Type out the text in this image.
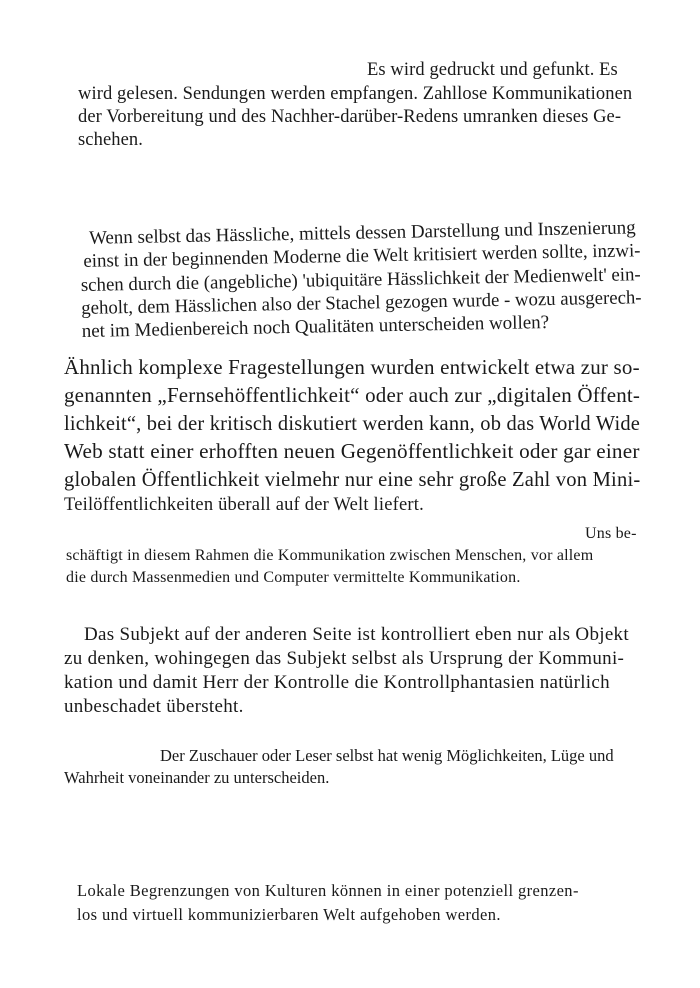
Es wird gedruckt und gefunkt. Es
wird gelesen. Sendungen werden empfangen. Zahllose Kommunikationen
der Vorbereitung und des Nachher-darüber-Redens umranken dieses Ge-
schehen.
Wenn selbst das Hässliche, mittels dessen Darstellung und Inszenierung
einst in der beginnenden Moderne die Welt kritisiert werden sollte, inzwi-
schen durch die (angebliche) 'ubiquitäre Hässlichkeit der Medienwelt' ein-
geholt, dem Hässlichen also der Stachel gezogen wurde - wozu ausgerech-
net im Medienbereich noch Qualitäten unterscheiden wollen?
Ähnlich komplexe Fragestellungen wurden entwickelt etwa zur so-
genannten „Fernsehöffentlichkeit“ oder auch zur „digitalen Öffent-
lichkeit“, bei der kritisch diskutiert werden kann, ob das World Wide
Web statt einer erhofften neuen Gegenöffentlichkeit oder gar einer
globalen Öffentlichkeit vielmehr nur eine sehr große Zahl von Mini-
Teilöffentlichkeiten überall auf der Welt liefert.
Uns be-
schäftigt in diesem Rahmen die Kommunikation zwischen Menschen, vor allem
die durch Massenmedien und Computer vermittelte Kommunikation.
Das Subjekt auf der anderen Seite ist kontrolliert eben nur als Objekt
zu denken, wohingegen das Subjekt selbst als Ursprung der Kommuni-
kation und damit Herr der Kontrolle die Kontrollphantasien natürlich
unbeschadet übersteht.
Der Zuschauer oder Leser selbst hat wenig Möglichkeiten, Lüge und
Wahrheit voneinander zu unterscheiden.
Lokale Begrenzungen von Kulturen können in einer potenziell grenzen-
los und virtuell kommunizierbaren Welt aufgehoben werden.
